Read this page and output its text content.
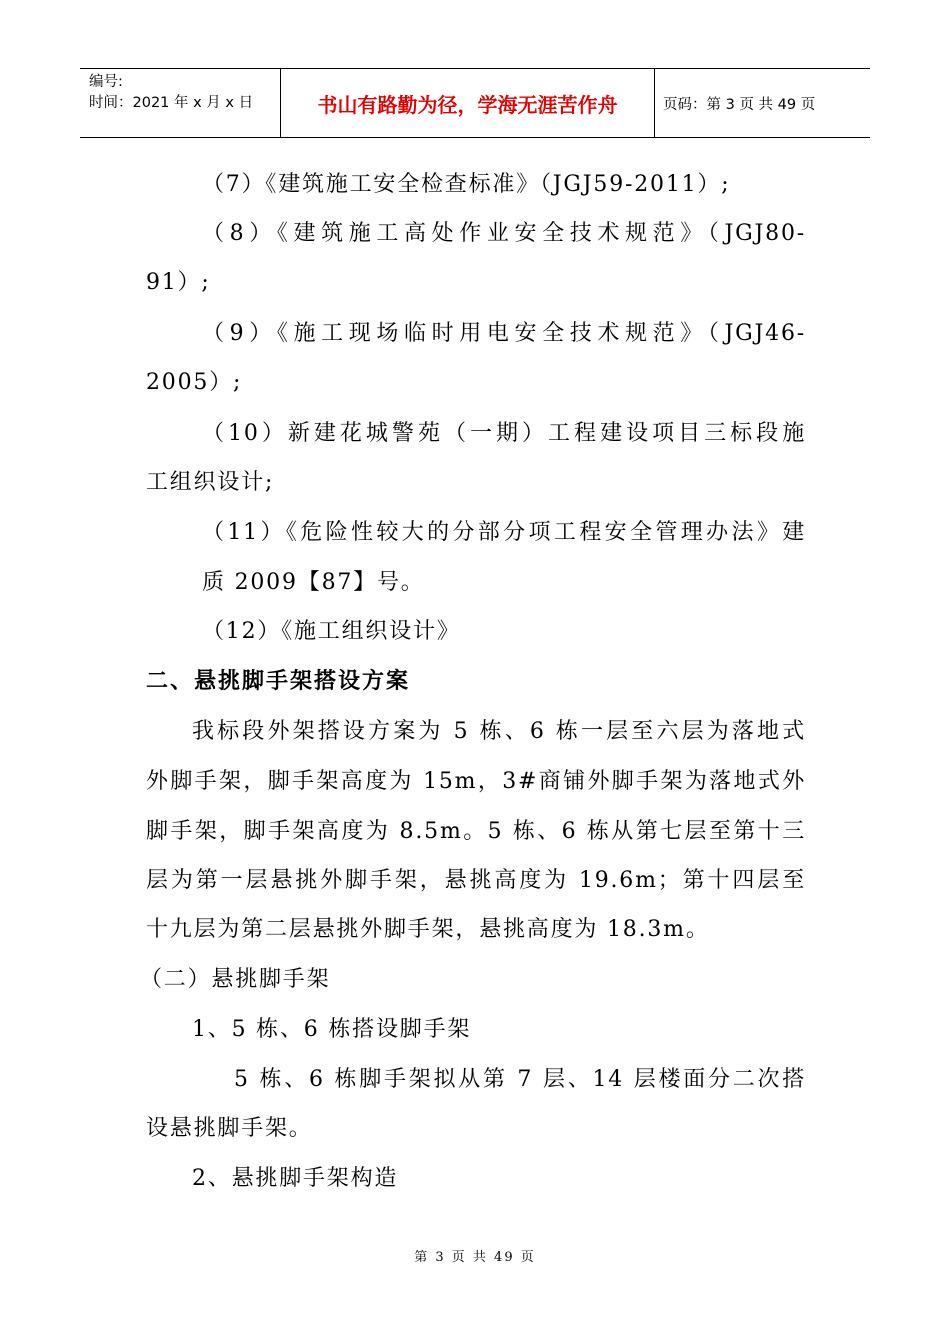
编号:
时间：2021 年 x 月 x 日	书山有路勤为径，学海无涯苦作舟	页码：第 3 页 共 49 页
（7）《建筑施工安全检查标准》（JGJ59-2011）;
（8）《建筑施工高处作业安全技术规范》（JGJ80-
91）;
（9）《施工现场临时用电安全技术规范》（JGJ46-
2005）;
（10）新建花城警苑（一期）工程建设项目三标段施
工组织设计;
（11）《危险性较大的分部分项工程安全管理办法》建
质 2009【87】号。
（12）《施工组织设计》
二、悬挑脚手架搭设方案
我标段外架搭设方案为 5 栋、6 栋一层至六层为落地式
外脚手架，脚手架高度为 15m，3#商铺外脚手架为落地式外
脚手架，脚手架高度为 8.5m。5 栋、6 栋从第七层至第十三
层为第一层悬挑外脚手架，悬挑高度为 19.6m；第十四层至
十九层为第二层悬挑外脚手架，悬挑高度为 18.3m。
（二）悬挑脚手架
1、5 栋、6 栋搭设脚手架
5 栋、6 栋脚手架拟从第 7 层、14 层楼面分二次搭
设悬挑脚手架。
2、悬挑脚手架构造
第 3 页 共 49 页
